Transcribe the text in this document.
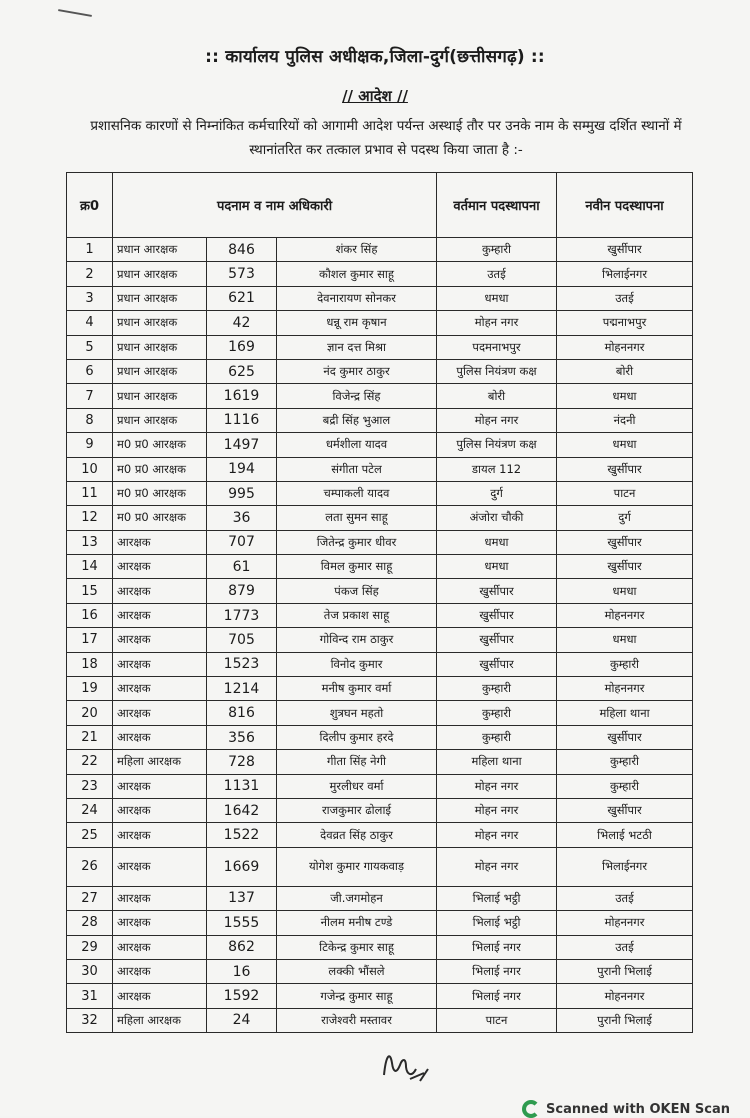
:: कार्यालय पुलिस अधीक्षक,जिला-दुर्ग(छत्तीसगढ़) ::
// आदेश //
प्रशासनिक कारणों से निम्नांकित कर्मचारियों को आगामी आदेश पर्यन्त अस्थाई तौर पर उनके नाम के सम्मुख दर्शित स्थानों में स्थानांतरित कर तत्काल प्रभाव से पदस्थ किया जाता है :-
क्र0	पदनाम व नाम अधिकारी			वर्तमान पदस्थापना	नवीन पदस्थापना
1	प्रधान आरक्षक	846	शंकर सिंह	कुम्हारी	खुर्सीपार
2	प्रधान आरक्षक	573	कौशल कुमार साहू	उतई	भिलाईनगर
3	प्रधान आरक्षक	621	देवनारायण सोनकर	धमधा	उतई
4	प्रधान आरक्षक	42	धन्नू राम कृषान	मोहन नगर	पद्मनाभपुर
5	प्रधान आरक्षक	169	ज्ञान दत्त मिश्रा	पदमनाभपुर	मोहननगर
6	प्रधान आरक्षक	625	नंद कुमार ठाकुर	पुलिस नियंत्रण कक्ष	बोरी
7	प्रधान आरक्षक	1619	विजेन्द्र सिंह	बोरी	धमधा
8	प्रधान आरक्षक	1116	बद्री सिंह भुआल	मोहन नगर	नंदनी
9	म0 प्र0 आरक्षक	1497	धर्मशीला यादव	पुलिस नियंत्रण कक्ष	धमधा
10	म0 प्र0 आरक्षक	194	संगीता पटेल	डायल 112	खुर्सीपार
11	म0 प्र0 आरक्षक	995	चम्पाकली यादव	दुर्ग	पाटन
12	म0 प्र0 आरक्षक	36	लता सुमन साहू	अंजोरा चौकी	दुर्ग
13	आरक्षक	707	जितेन्द्र कुमार धीवर	धमधा	खुर्सीपार
14	आरक्षक	61	विमल कुमार साहू	धमधा	खुर्सीपार
15	आरक्षक	879	पंकज सिंह	खुर्सीपार	धमधा
16	आरक्षक	1773	तेज प्रकाश साहू	खुर्सीपार	मोहननगर
17	आरक्षक	705	गोविन्द राम ठाकुर	खुर्सीपार	धमधा
18	आरक्षक	1523	विनोद कुमार	खुर्सीपार	कुम्हारी
19	आरक्षक	1214	मनीष कुमार वर्मा	कुम्हारी	मोहननगर
20	आरक्षक	816	शुत्रघन महतो	कुम्हारी	महिला थाना
21	आरक्षक	356	दिलीप कुमार हरदे	कुम्हारी	खुर्सीपार
22	महिला आरक्षक	728	गीता सिंह नेगी	महिला थाना	कुम्हारी
23	आरक्षक	1131	मुरलीधर वर्मा	मोहन नगर	कुम्हारी
24	आरक्षक	1642	राजकुमार ढोलाई	मोहन नगर	खुर्सीपार
25	आरक्षक	1522	देवव्रत सिंह ठाकुर	मोहन नगर	भिलाई भटठी
26	आरक्षक	1669	योगेश कुमार गायकवाड़	मोहन नगर	भिलाईनगर
27	आरक्षक	137	जी.जगमोहन	भिलाई भट्ठी	उतई
28	आरक्षक	1555	नीलम मनीष टण्डे	भिलाई भट्ठी	मोहननगर
29	आरक्षक	862	टिकेन्द्र कुमार साहू	भिलाई नगर	उतई
30	आरक्षक	16	लक्की भौंसले	भिलाई नगर	पुरानी भिलाई
31	आरक्षक	1592	गजेन्द्र कुमार साहू	भिलाई नगर	मोहननगर
32	महिला आरक्षक	24	राजेश्वरी मस्तावर	पाटन	पुरानी भिलाई
Scanned with OKEN Scan
